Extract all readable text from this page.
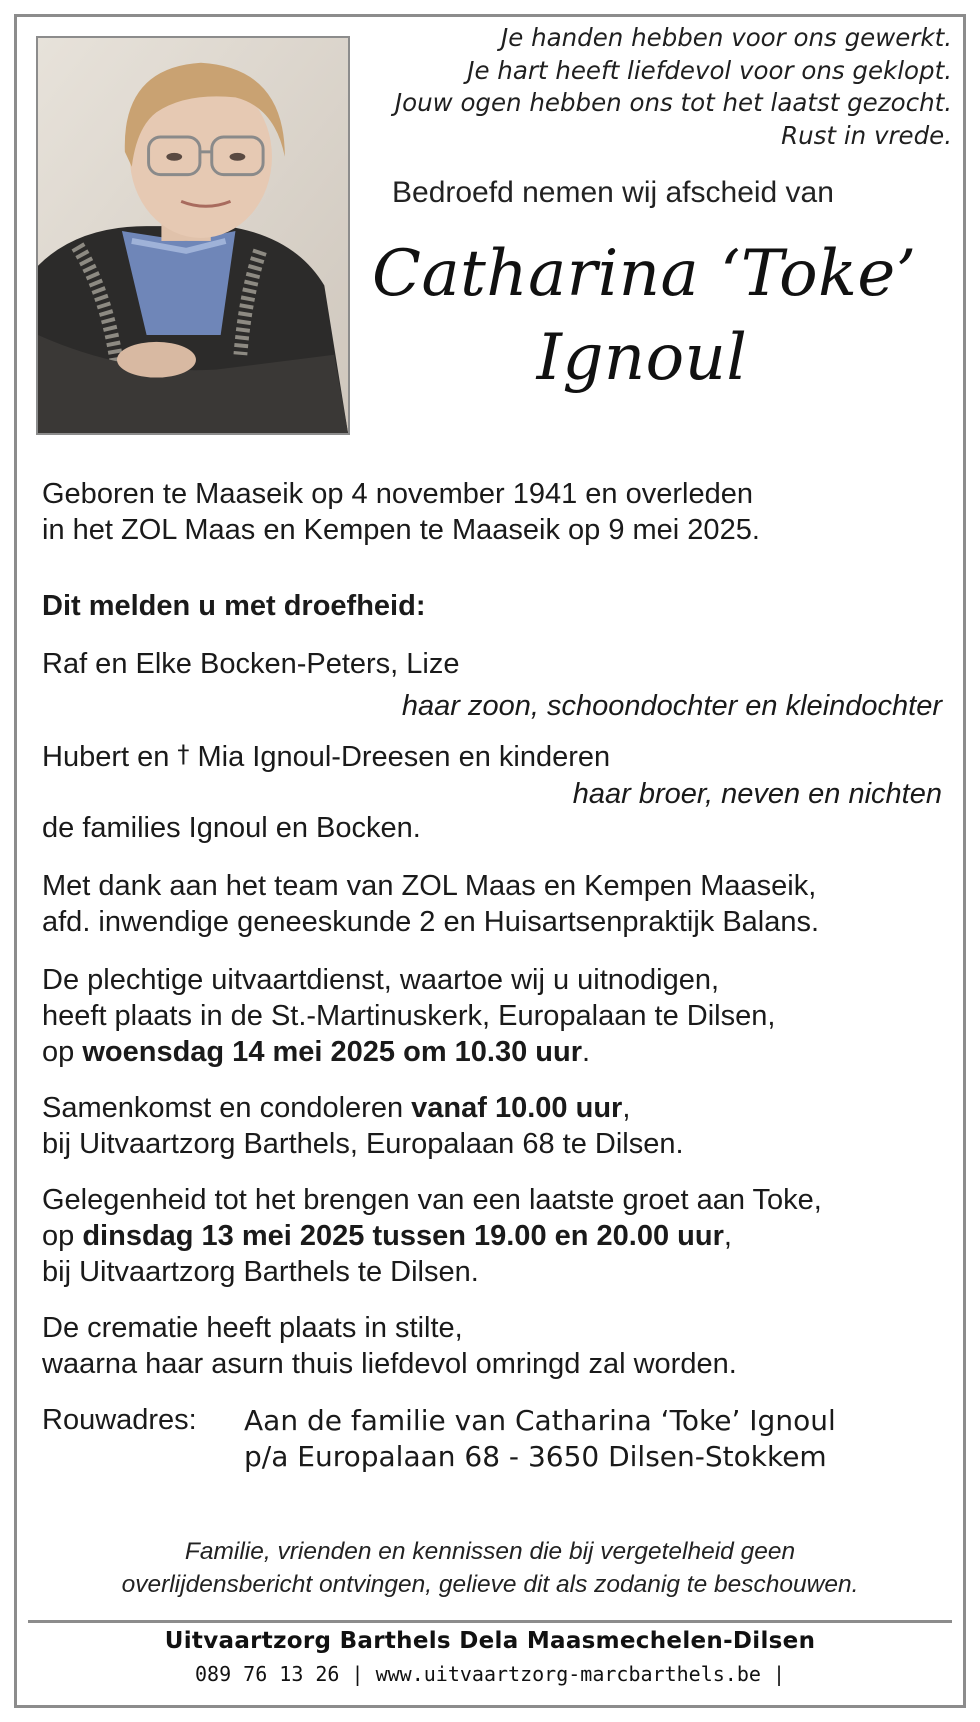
Je handen hebben voor ons gewerkt.
Je hart heeft liefdevol voor ons geklopt.
Jouw ogen hebben ons tot het laatst gezocht.
Rust in vrede.
Bedroefd nemen wij afscheid van
Catharina ‘Toke’
Ignoul
Geboren te Maaseik op 4 november 1941 en overleden
in het ZOL Maas en Kempen te Maaseik op 9 mei 2025.
Dit melden u met droefheid:
Raf en Elke Bocken-Peters, Lize
haar zoon, schoondochter en kleindochter
Hubert en † Mia Ignoul-Dreesen en kinderen
haar broer, neven en nichten
de families Ignoul en Bocken.
Met dank aan het team van ZOL Maas en Kempen Maaseik,
afd. inwendige geneeskunde 2 en Huisartsenpraktijk Balans.
De plechtige uitvaartdienst, waartoe wij u uitnodigen,
heeft plaats in de St.-Martinuskerk, Europalaan te Dilsen,
op woensdag 14 mei 2025 om 10.30 uur.
Samenkomst en condoleren vanaf 10.00 uur,
bij Uitvaartzorg Barthels, Europalaan 68 te Dilsen.
Gelegenheid tot het brengen van een laatste groet aan Toke,
op dinsdag 13 mei 2025 tussen 19.00 en 20.00 uur,
bij Uitvaartzorg Barthels te Dilsen.
De crematie heeft plaats in stilte,
waarna haar asurn thuis liefdevol omringd zal worden.
Rouwadres: Aan de familie van Catharina ‘Toke’ Ignoul
p/a Europalaan 68 - 3650 Dilsen-Stokkem
Familie, vrienden en kennissen die bij vergetelheid geen
overlijdensbericht ontvingen, gelieve dit als zodanig te beschouwen.
Uitvaartzorg Barthels Dela Maasmechelen-Dilsen
089 76 13 26 | www.uitvaartzorg-marcbarthels.be |
